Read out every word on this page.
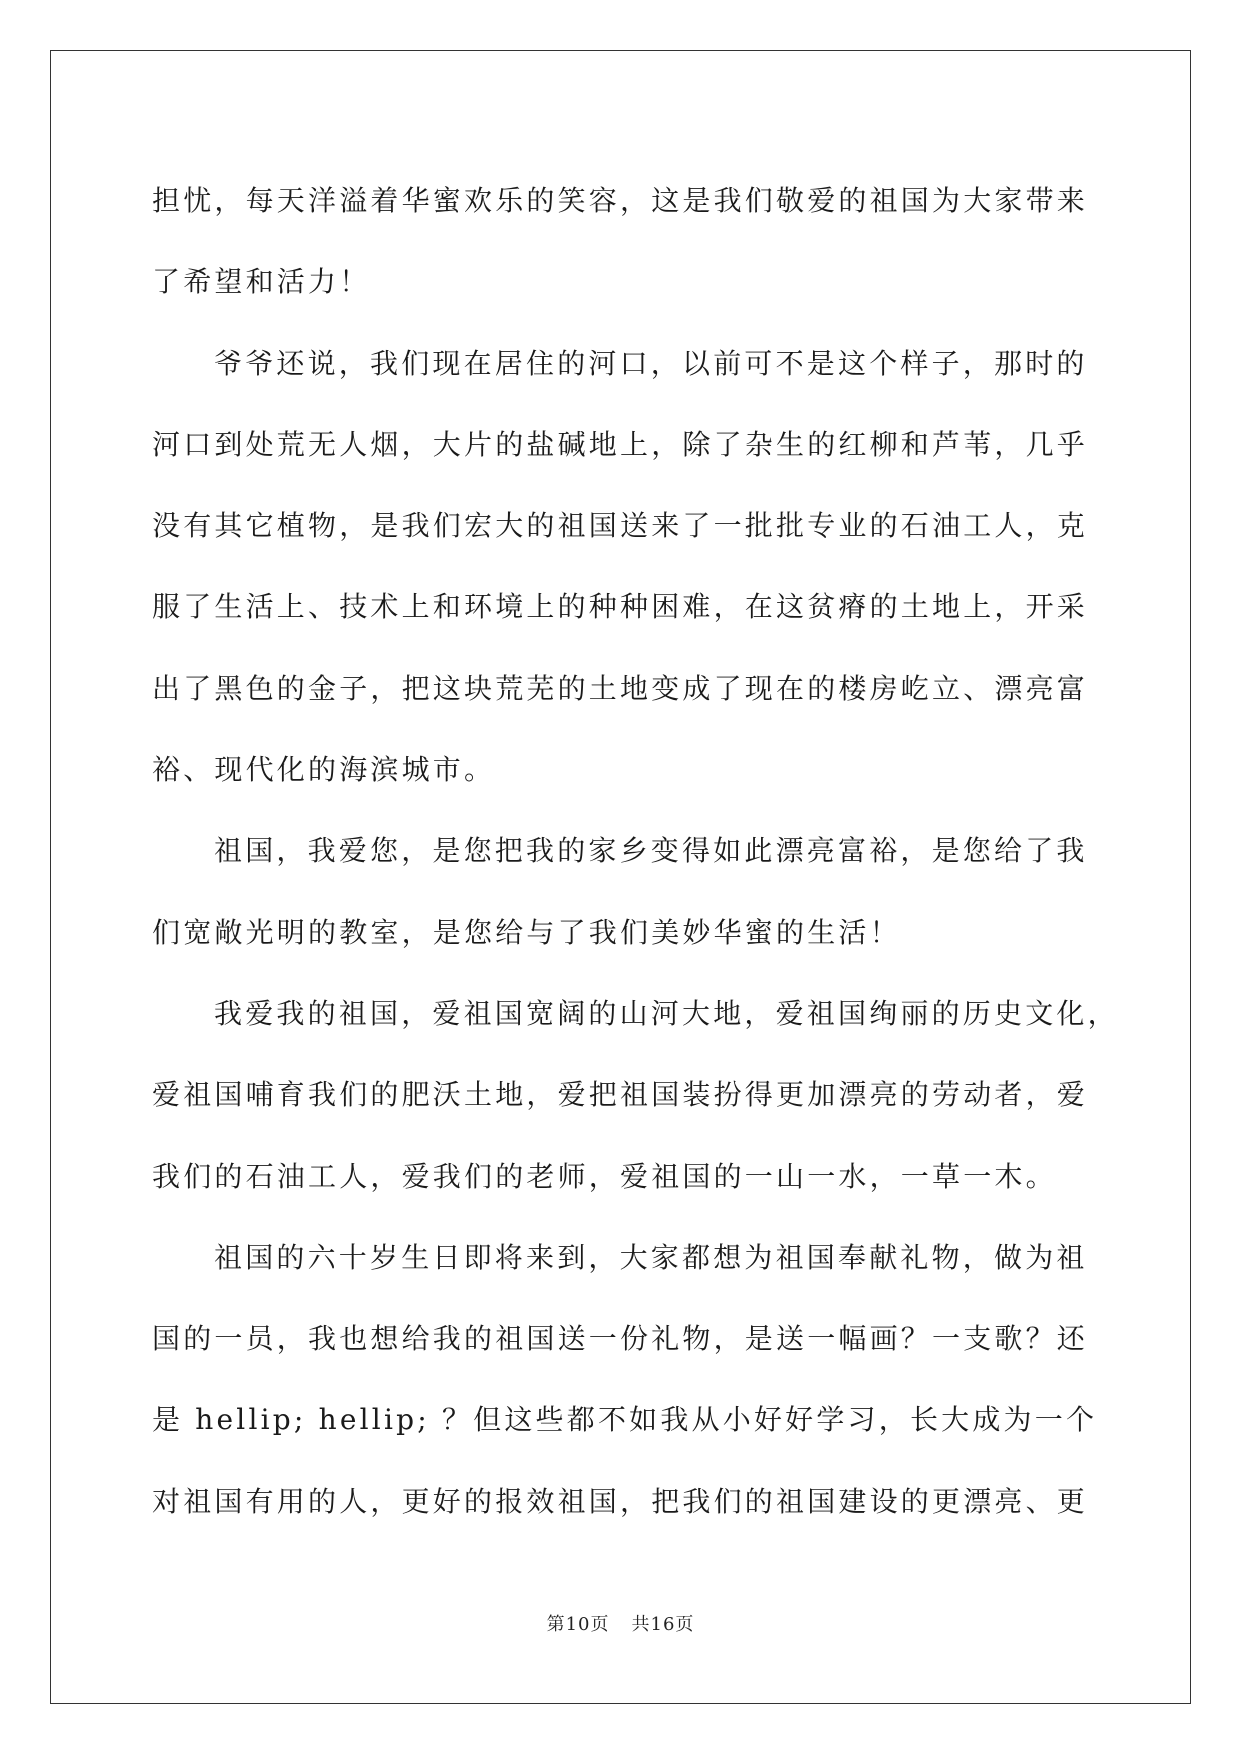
担忧，每天洋溢着华蜜欢乐的笑容，这是我们敬爱的祖国为大家带来

了希望和活力！

爷爷还说，我们现在居住的河口，以前可不是这个样子，那时的

河口到处荒无人烟，大片的盐碱地上，除了杂生的红柳和芦苇，几乎

没有其它植物，是我们宏大的祖国送来了一批批专业的石油工人，克

服了生活上、技术上和环境上的种种困难，在这贫瘠的土地上，开采

出了黑色的金子，把这块荒芜的土地变成了现在的楼房屹立、漂亮富

裕、现代化的海滨城市。

祖国，我爱您，是您把我的家乡变得如此漂亮富裕，是您给了我

们宽敞光明的教室，是您给与了我们美妙华蜜的生活！

我爱我的祖国，爱祖国宽阔的山河大地，爱祖国绚丽的历史文化，

爱祖国哺育我们的肥沃土地，爱把祖国装扮得更加漂亮的劳动者，爱

我们的石油工人，爱我们的老师，爱祖国的一山一水，一草一木。

祖国的六十岁生日即将来到，大家都想为祖国奉献礼物，做为祖

国的一员，我也想给我的祖国送一份礼物，是送一幅画？一支歌？还

是 hellip; hellip; ？但这些都不如我从小好好学习，长大成为一个

对祖国有用的人，更好的报效祖国，把我们的祖国建设的更漂亮、更

第10页 共16页
